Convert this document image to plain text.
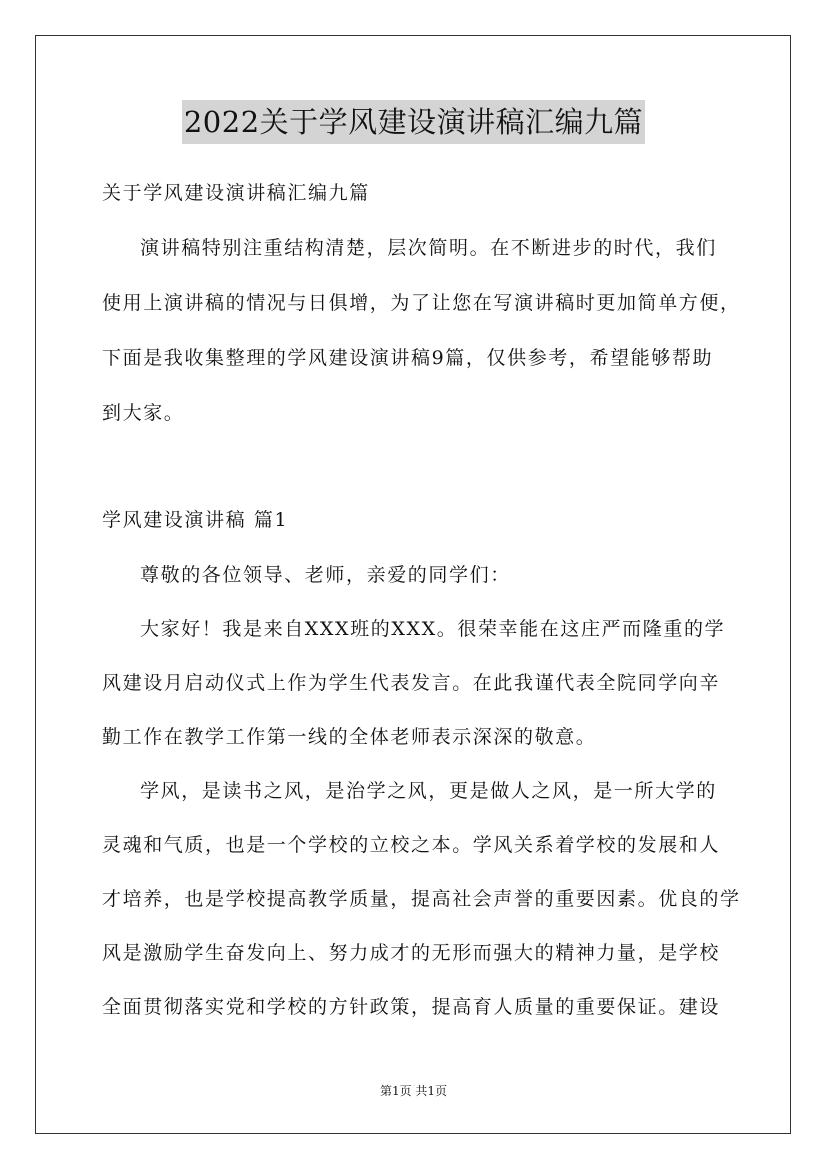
2022关于学风建设演讲稿汇编九篇
关于学风建设演讲稿汇编九篇
演讲稿特别注重结构清楚，层次简明。在不断进步的时代，我们
使用上演讲稿的情况与日俱增，为了让您在写演讲稿时更加简单方便，
下面是我收集整理的学风建设演讲稿9篇，仅供参考，希望能够帮助
到大家。
学风建设演讲稿 篇1
尊敬的各位领导、老师，亲爱的同学们：
大家好！我是来自XXX班的XXX。很荣幸能在这庄严而隆重的学
风建设月启动仪式上作为学生代表发言。在此我谨代表全院同学向辛
勤工作在教学工作第一线的全体老师表示深深的敬意。
学风，是读书之风，是治学之风，更是做人之风，是一所大学的
灵魂和气质，也是一个学校的立校之本。学风关系着学校的发展和人
才培养，也是学校提高教学质量，提高社会声誉的重要因素。优良的学
风是激励学生奋发向上、努力成才的无形而强大的精神力量，是学校
全面贯彻落实党和学校的方针政策，提高育人质量的重要保证。建设
第1页 共1页
